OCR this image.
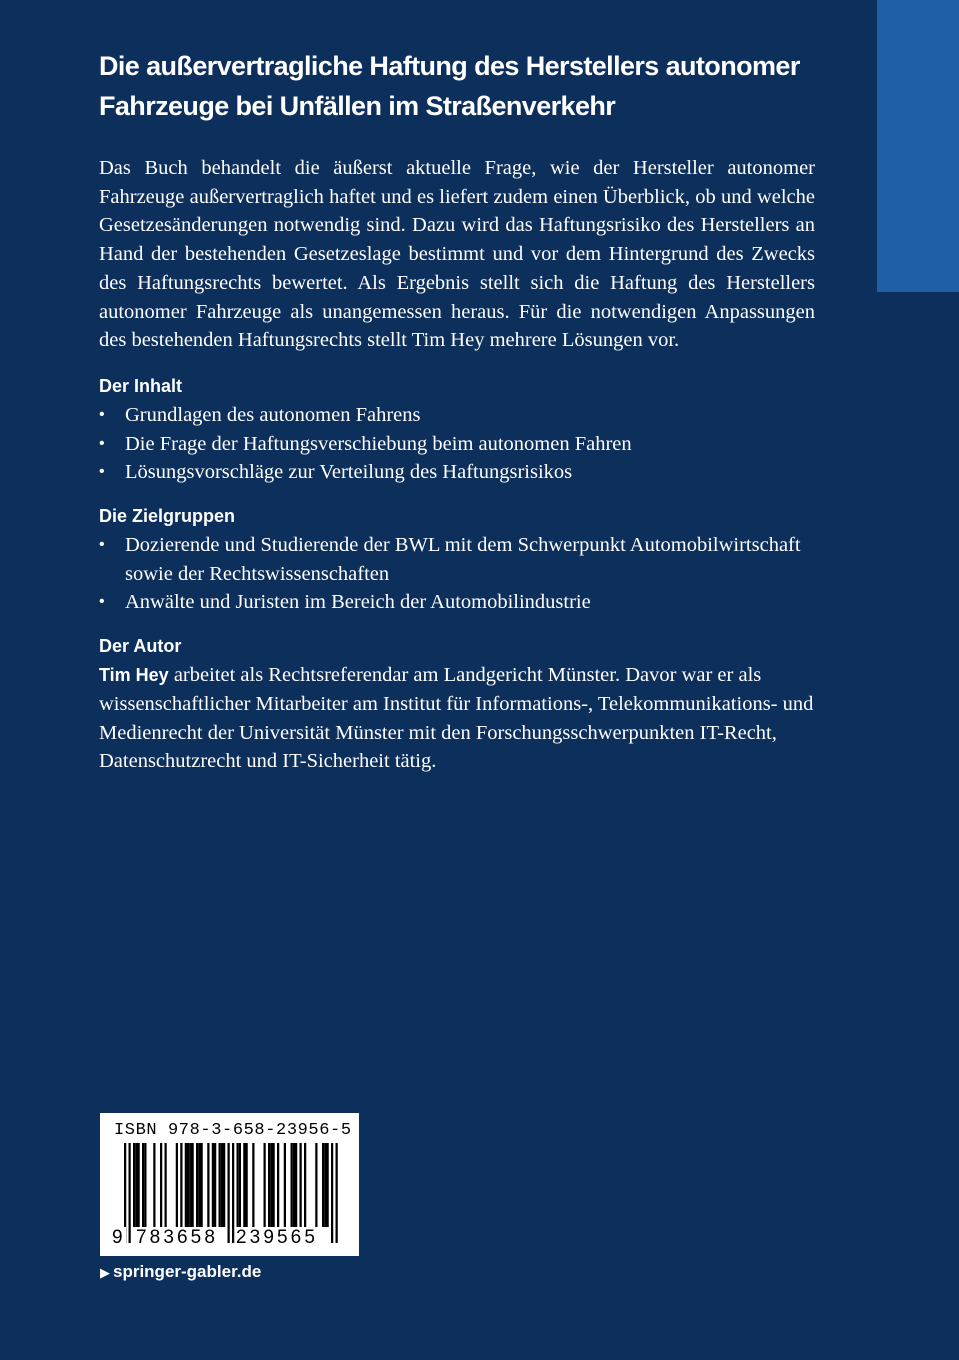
Die außervertragliche Haftung des Herstellers autonomer
Fahrzeuge bei Unfällen im Straßenverkehr

Das Buch behandelt die äußerst aktuelle Frage, wie der Hersteller autonomer Fahrzeuge außervertraglich haftet und es liefert zudem einen Überblick, ob und welche Gesetzesänderungen notwendig sind. Dazu wird das Haftungsrisiko des Herstellers an Hand der bestehenden Gesetzeslage bestimmt und vor dem Hintergrund des Zwecks des Haftungsrechts bewertet. Als Ergebnis stellt sich die Haftung des Herstellers autonomer Fahrzeuge als unangemessen heraus. Für die notwendigen Anpassungen des bestehenden Haftungsrechts stellt Tim Hey mehrere Lösungen vor.

Der Inhalt
• Grundlagen des autonomen Fahrens
• Die Frage der Haftungsverschiebung beim autonomen Fahren
• Lösungsvorschläge zur Verteilung des Haftungsrisikos
Die Zielgruppen
• Dozierende und Studierende der BWL mit dem Schwerpunkt Automobilwirtschaft sowie der Rechtswissenschaften
• Anwälte und Juristen im Bereich der Automobilindustrie
Der Autor

Tim Hey arbeitet als Rechtsreferendar am Landgericht Münster. Davor war er als wissenschaftlicher Mitarbeiter am Institut für Informations-, Telekommunikations- und Medienrecht der Universität Münster mit den Forschungsschwerpunkten IT-Recht, Datenschutzrecht und IT-Sicherheit tätig.

ISBN 978-3-658-23956-5
9 783658 239565
▶ springer-gabler.de
